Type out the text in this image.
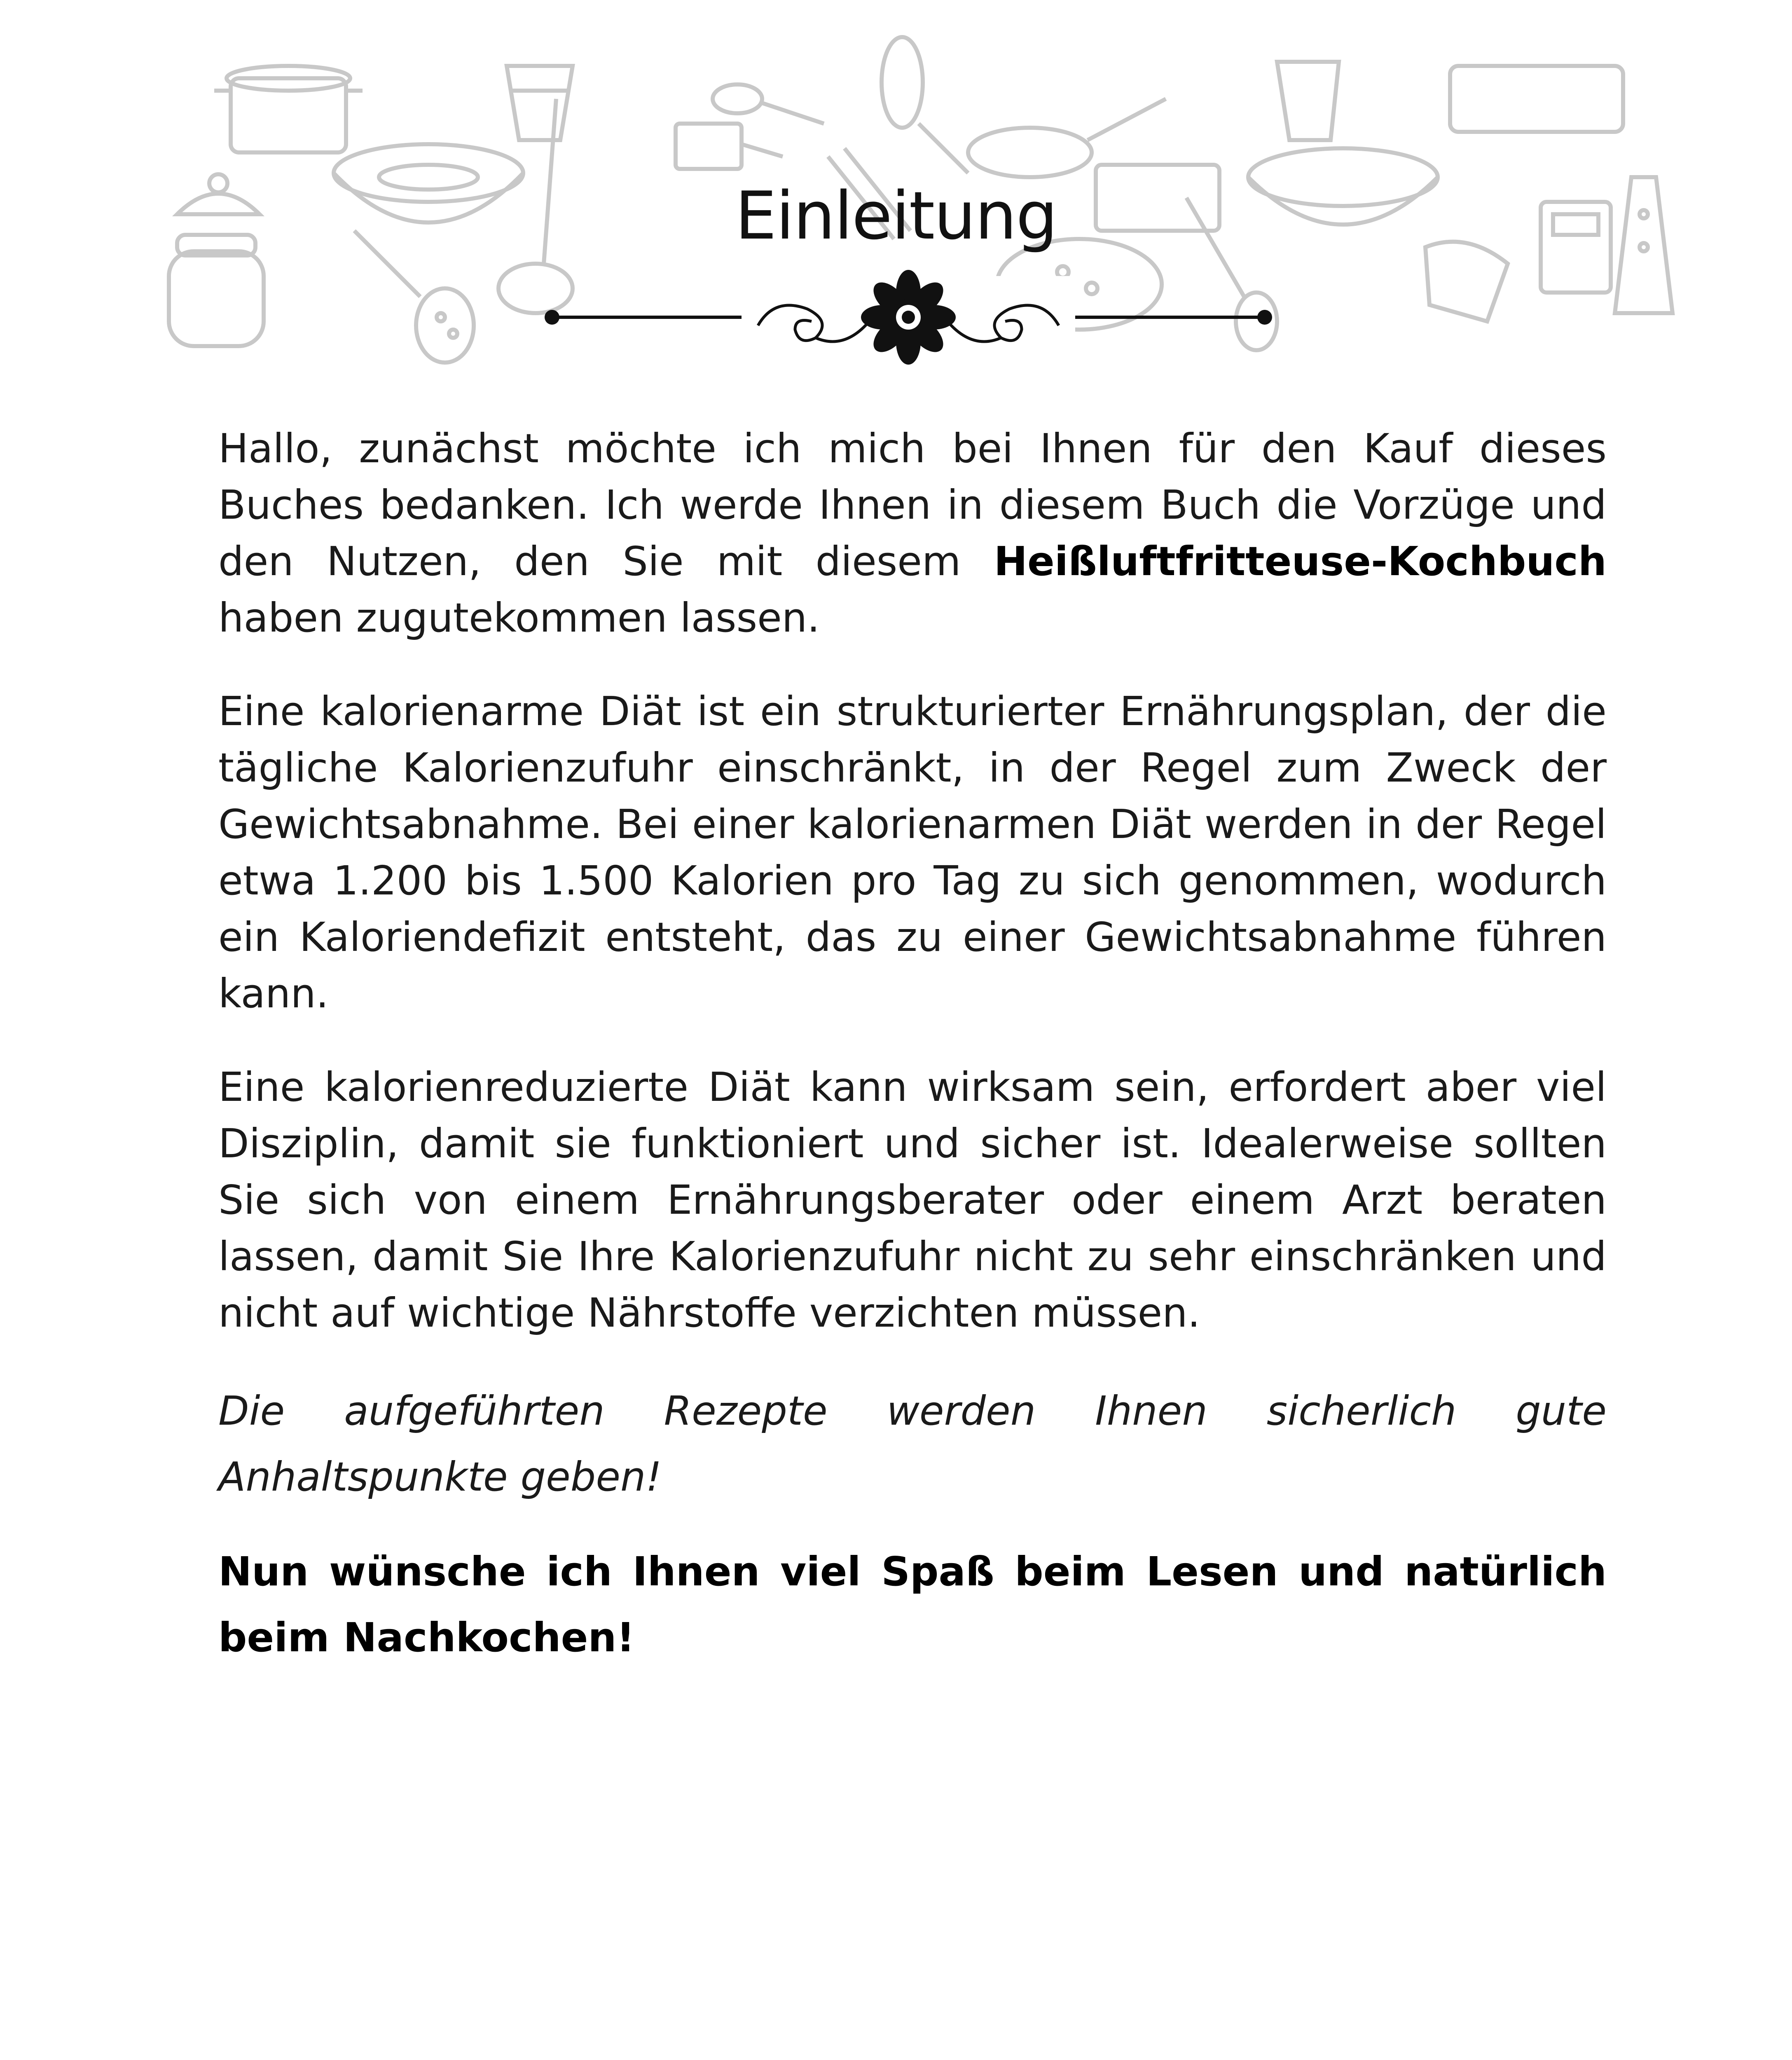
Einleitung

Hallo, zunächst möchte ich mich bei Ihnen für den Kauf dieses Buches bedanken. Ich werde Ihnen in diesem Buch die Vorzüge und den Nutzen, den Sie mit diesem Heißluftfritteuse-Kochbuch haben zugutekommen lassen.

Eine kalorienarme Diät ist ein strukturierter Ernährungsplan, der die tägliche Kalorienzufuhr einschränkt, in der Regel zum Zweck der Gewichtsabnahme. Bei einer kalorienarmen Diät werden in der Regel etwa 1.200 bis 1.500 Kalorien pro Tag zu sich genommen, wodurch ein Kaloriendefizit entsteht, das zu einer Gewichtsabnahme führen kann.

Eine kalorienreduzierte Diät kann wirksam sein, erfordert aber viel Disziplin, damit sie funktioniert und sicher ist. Idealerweise sollten Sie sich von einem Ernährungsberater oder einem Arzt beraten lassen, damit Sie Ihre Kalorienzufuhr nicht zu sehr einschränken und nicht auf wichtige Nährstoffe verzichten müssen.

Die aufgeführten Rezepte werden Ihnen sicherlich gute Anhaltspunkte geben!

Nun wünsche ich Ihnen viel Spaß beim Lesen und natürlich beim Nachkochen!
